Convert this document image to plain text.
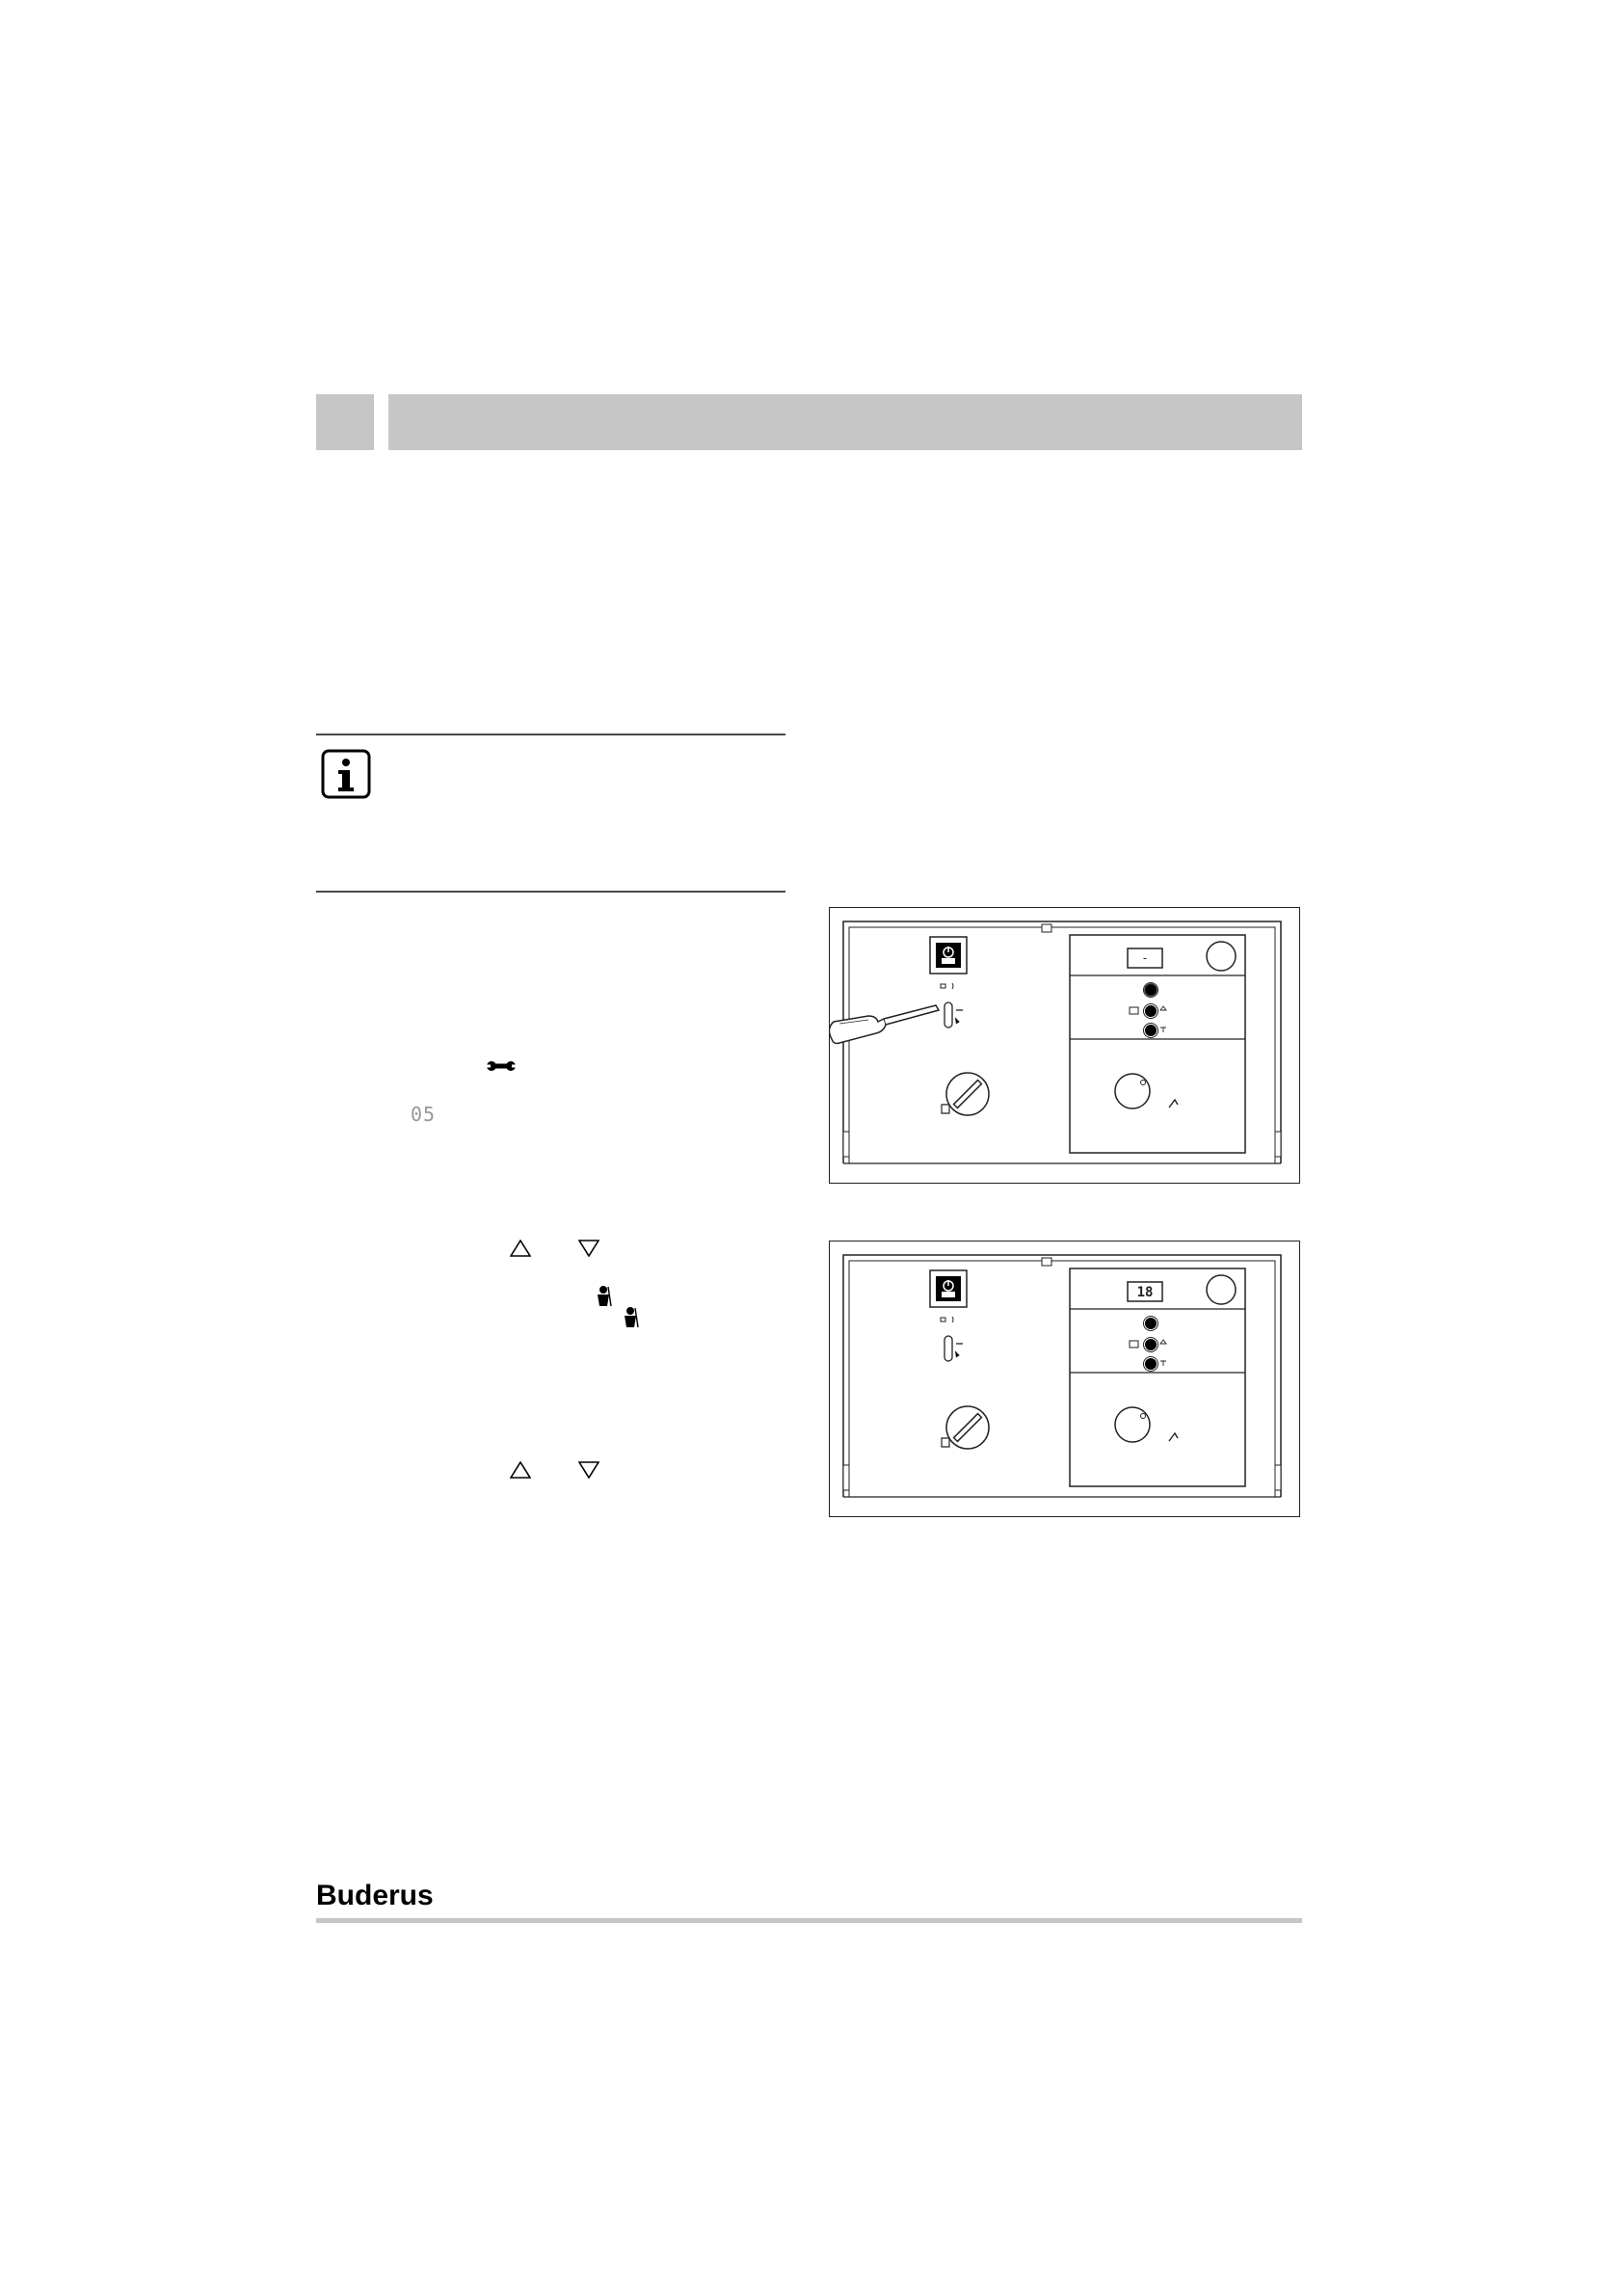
05
-
18
Buderus
